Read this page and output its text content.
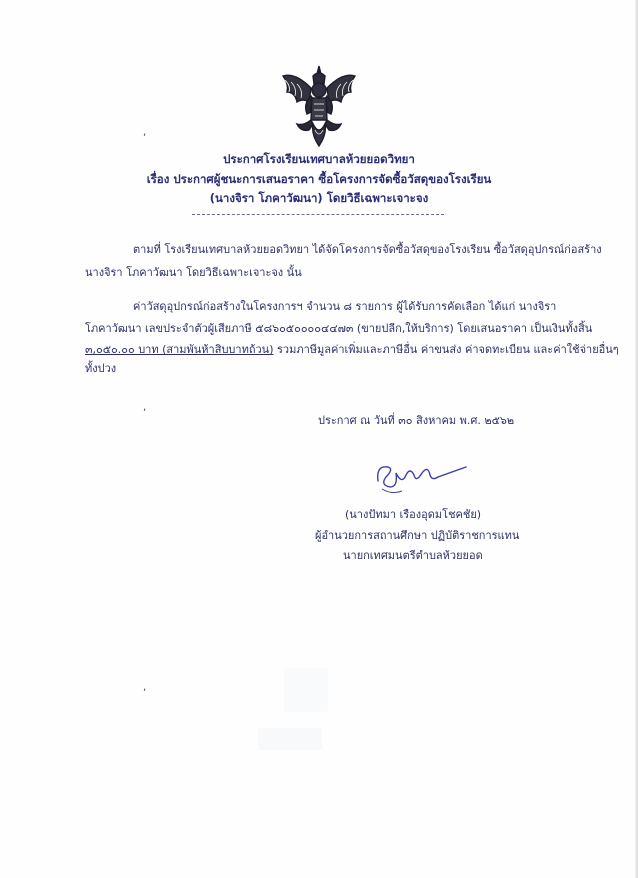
ประกาศโรงเรียนเทศบาลห้วยยอดวิทยา
เรื่อง ประกาศผู้ชนะการเสนอราคา ซื้อโครงการจัดซื้อวัสดุของโรงเรียน
(นางจิรา โภคาวัฒนา) โดยวิธีเฉพาะเจาะจง
ตามที่ โรงเรียนเทศบาลห้วยยอดวิทยา ได้จัดโครงการจัดซื้อวัสดุของโรงเรียน ซื้อวัสดุอุปกรณ์ก่อสร้าง
นางจิรา โภคาวัฒนา โดยวิธีเฉพาะเจาะจง นั้น
ค่าวัสดุอุปกรณ์ก่อสร้างในโครงการฯ จำนวน ๘ รายการ ผู้ได้รับการคัดเลือก ได้แก่ นางจิรา
โภคาวัฒนา เลขประจำตัวผู้เสียภาษี ๕๘๖๐๕๐๐๐๐๔๔๗๓ (ขายปลีก,ให้บริการ) โดยเสนอราคา เป็นเงินทั้งสิ้น
๓,๐๕๐.๐๐ บาท (สามพันห้าสิบบาทถ้วน) รวมภาษีมูลค่าเพิ่มและภาษีอื่น ค่าขนส่ง ค่าจดทะเบียน และค่าใช้จ่ายอื่นๆ
ทั้งปวง
ประกาศ ณ วันที่ ๓๐ สิงหาคม พ.ศ. ๒๕๖๒
(นางปัทมา เรืองอุดมโชคชัย)
ผู้อำนวยการสถานศึกษา ปฏิบัติราชการแทน
นายกเทศมนตรีตำบลห้วยยอด
,
,
,
